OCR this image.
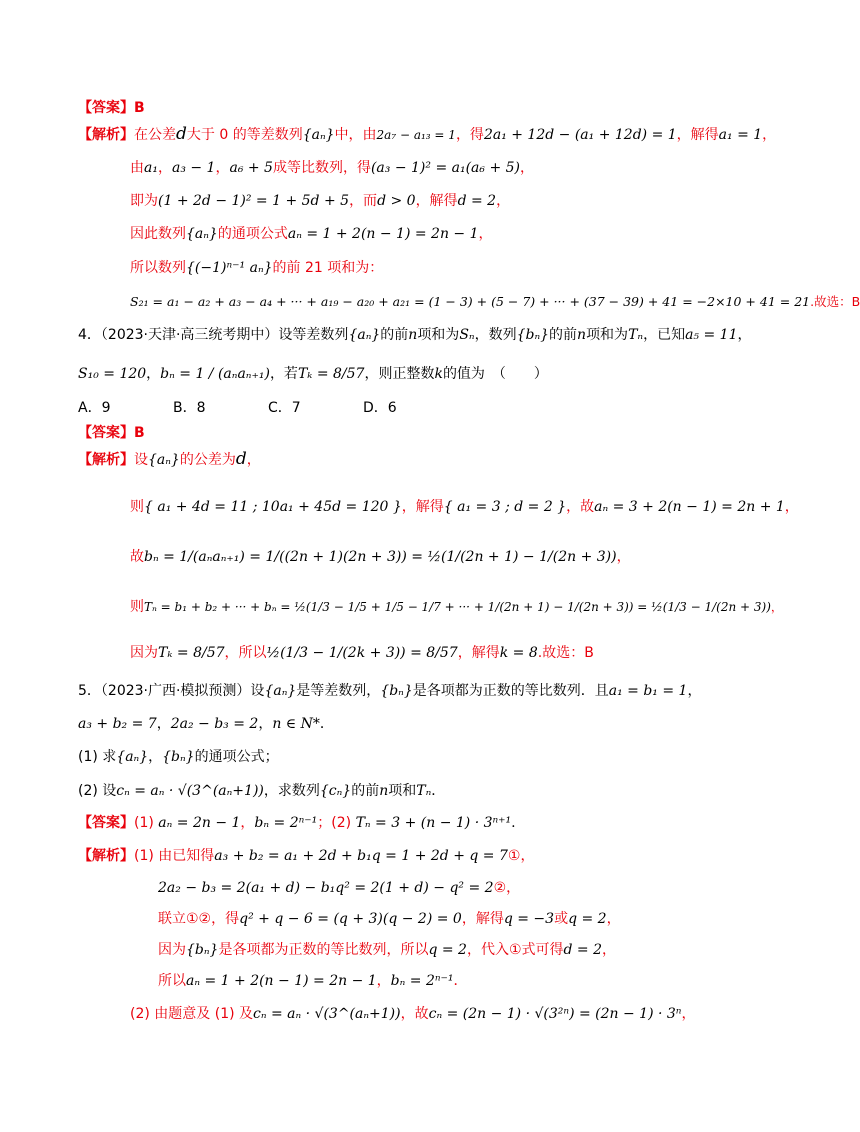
【答案】B
【解析】在公差d大于 0 的等差数列{aₙ}中，由2a₇ − a₁₃ = 1，得2a₁ + 12d − (a₁ + 12d) = 1，解得a₁ = 1，
由a₁，a₃ − 1，a₆ + 5成等比数列，得(a₃ − 1)² = a₁(a₆ + 5)，
即为(1 + 2d − 1)² = 1 + 5d + 5，而d > 0，解得d = 2，
因此数列{aₙ}的通项公式aₙ = 1 + 2(n − 1) = 2n − 1，
所以数列{(−1)ⁿ⁻¹ aₙ}的前 21 项和为：
S₂₁ = a₁ − a₂ + a₃ − a₄ + ··· + a₁₉ − a₂₀ + a₂₁ = (1 − 3) + (5 − 7) + ··· + (37 − 39) + 41 = −2×10 + 41 = 21.故选：B
4．（2023·天津·高三统考期中）设等差数列{aₙ}的前n项和为Sₙ，数列{bₙ}的前n项和为Tₙ，已知a₅ = 11，
S₁₀ = 120，bₙ = 1 / (aₙaₙ₊₁)，若Tₖ = 8/57，则正整数k的值为　（　　）
A．9	B．8	C．7	D．6
【答案】B
【解析】设{aₙ}的公差为d，
则{ a₁ + 4d = 11 ; 10a₁ + 45d = 120 }，解得{ a₁ = 3 ; d = 2 }，故aₙ = 3 + 2(n − 1) = 2n + 1，
故bₙ = 1/(aₙaₙ₊₁) = 1/((2n + 1)(2n + 3)) = ½(1/(2n + 1) − 1/(2n + 3))，
则Tₙ = b₁ + b₂ + ··· + bₙ = ½(1/3 − 1/5 + 1/5 − 1/7 + ··· + 1/(2n + 1) − 1/(2n + 3)) = ½(1/3 − 1/(2n + 3))，
因为Tₖ = 8/57，所以½(1/3 − 1/(2k + 3)) = 8/57，解得k = 8.故选：B
5．（2023·广西·模拟预测）设{aₙ}是等差数列，{bₙ}是各项都为正数的等比数列．且a₁ = b₁ = 1，
a₃ + b₂ = 7，2a₂ − b₃ = 2，n ∈ N*．
(1) 求{aₙ}，{bₙ}的通项公式；
(2) 设cₙ = aₙ · √(3^(aₙ+1))，求数列{cₙ}的前n项和Tₙ．
【答案】(1) aₙ = 2n − 1，bₙ = 2ⁿ⁻¹；(2) Tₙ = 3 + (n − 1) · 3ⁿ⁺¹.
【解析】(1) 由已知得a₃ + b₂ = a₁ + 2d + b₁q = 1 + 2d + q = 7①，
2a₂ − b₃ = 2(a₁ + d) − b₁q² = 2(1 + d) − q² = 2②，
联立①②，得q² + q − 6 = (q + 3)(q − 2) = 0，解得q = −3或q = 2，
因为{bₙ}是各项都为正数的等比数列，所以q = 2，代入①式可得d = 2，
所以aₙ = 1 + 2(n − 1) = 2n − 1，bₙ = 2ⁿ⁻¹．
(2) 由题意及 (1) 及cₙ = aₙ · √(3^(aₙ+1))，故cₙ = (2n − 1) · √(3²ⁿ) = (2n − 1) · 3ⁿ，
